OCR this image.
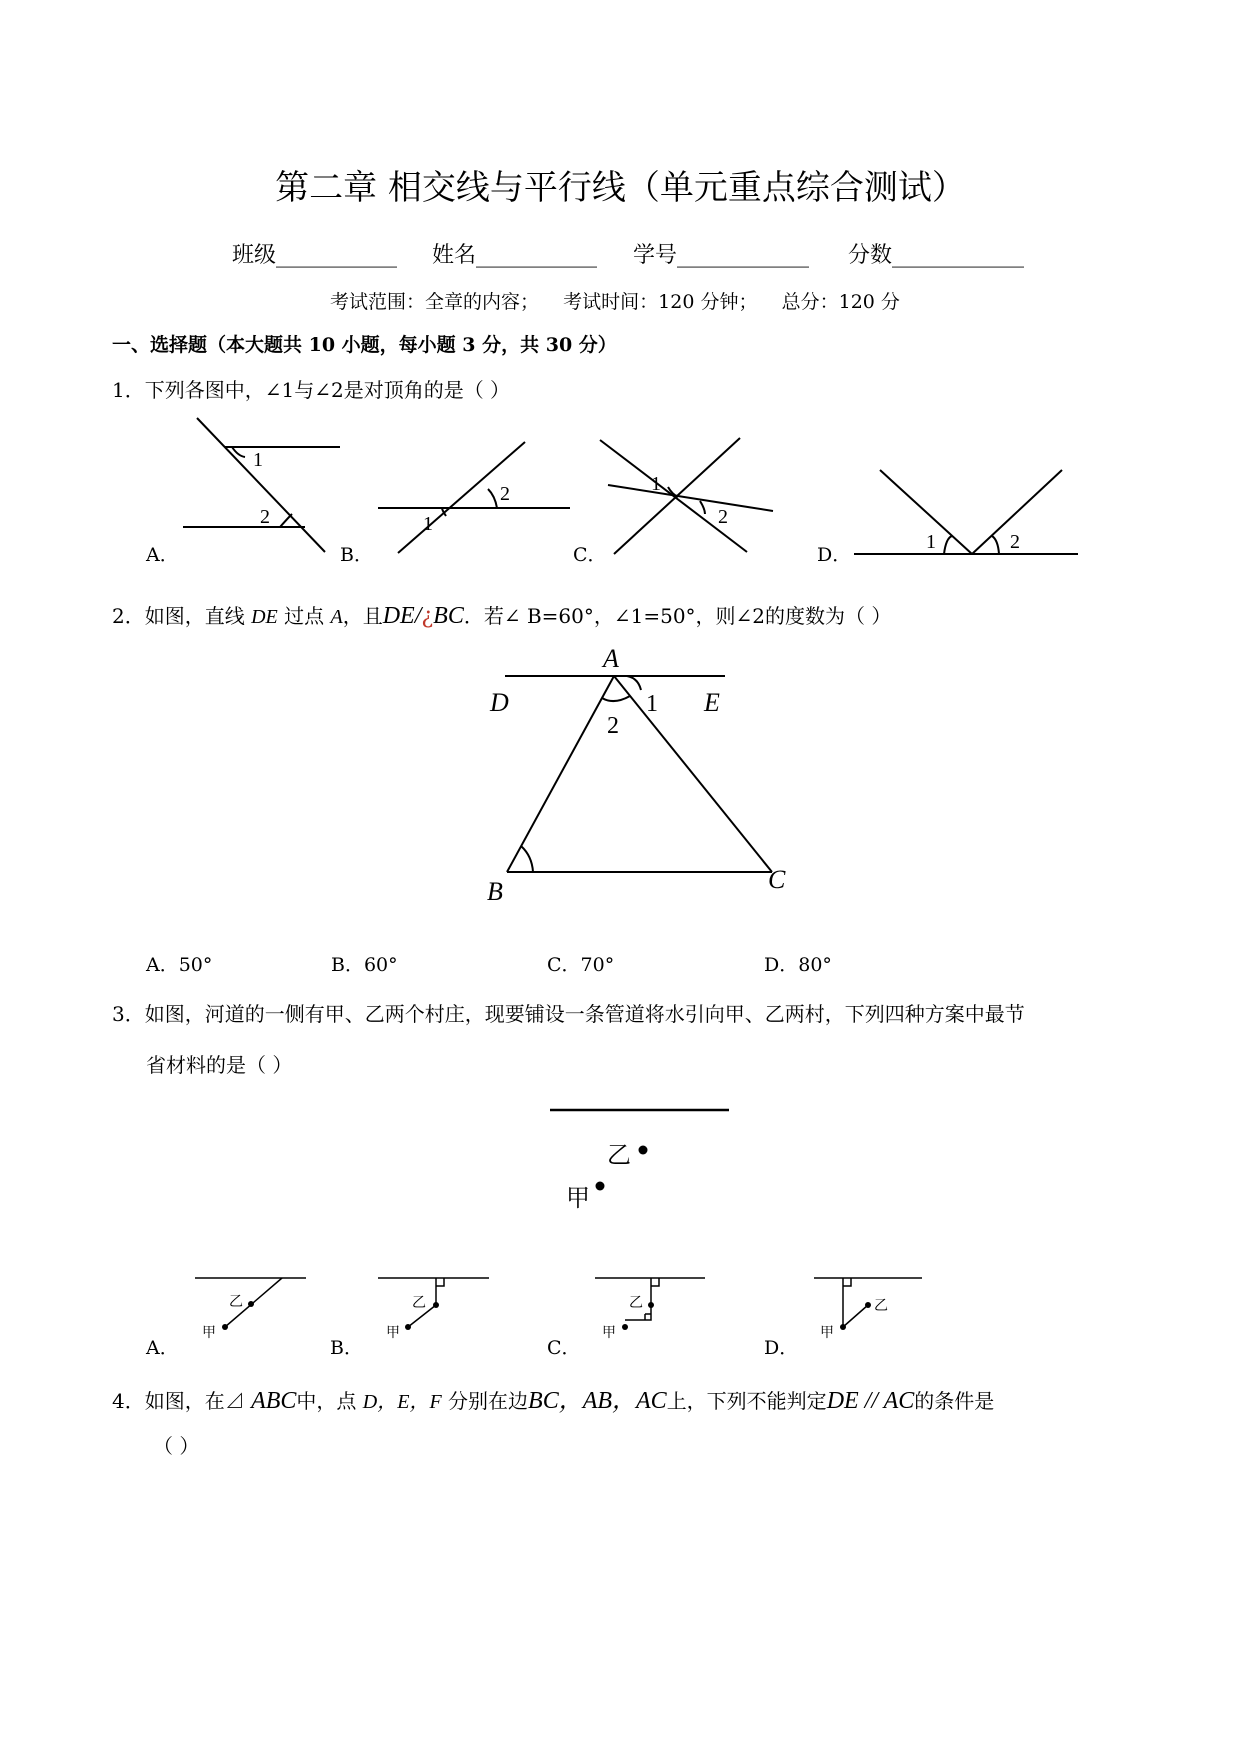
第二章 相交线与平行线（单元重点综合测试）
班级___________ 姓名___________ 学号____________ 分数____________
考试范围：全章的内容；    考试时间：120 分钟；    总分：120 分
一、选择题（本大题共 10 小题，每小题 3 分，共 30 分）
1．下列各图中，∠1与∠2是对顶角的是（ ）
1
2	1
2	1
2
1	2
A．	B．	C．	D．
2．如图，直线 DE 过点 A，且DE/¿BC．若∠ B=60°，∠1=50°，则∠2的度数为（ ）
A
D	E
B	C
1
2
A．50°	B．60°	C．70°	D．80°
3．如图，河道的一侧有甲、乙两个村庄，现要铺设一条管道将水引向甲、乙两村，下列四种方案中最节
省材料的是（ ）
乙
甲
甲
乙
甲
乙
甲
乙
甲
乙
A．	B．	C．	D．
4．如图，在⊿ ABC中，点 D，E，F 分别在边BC，AB，AC上，下列不能判定DE // AC的条件是
（ ）
